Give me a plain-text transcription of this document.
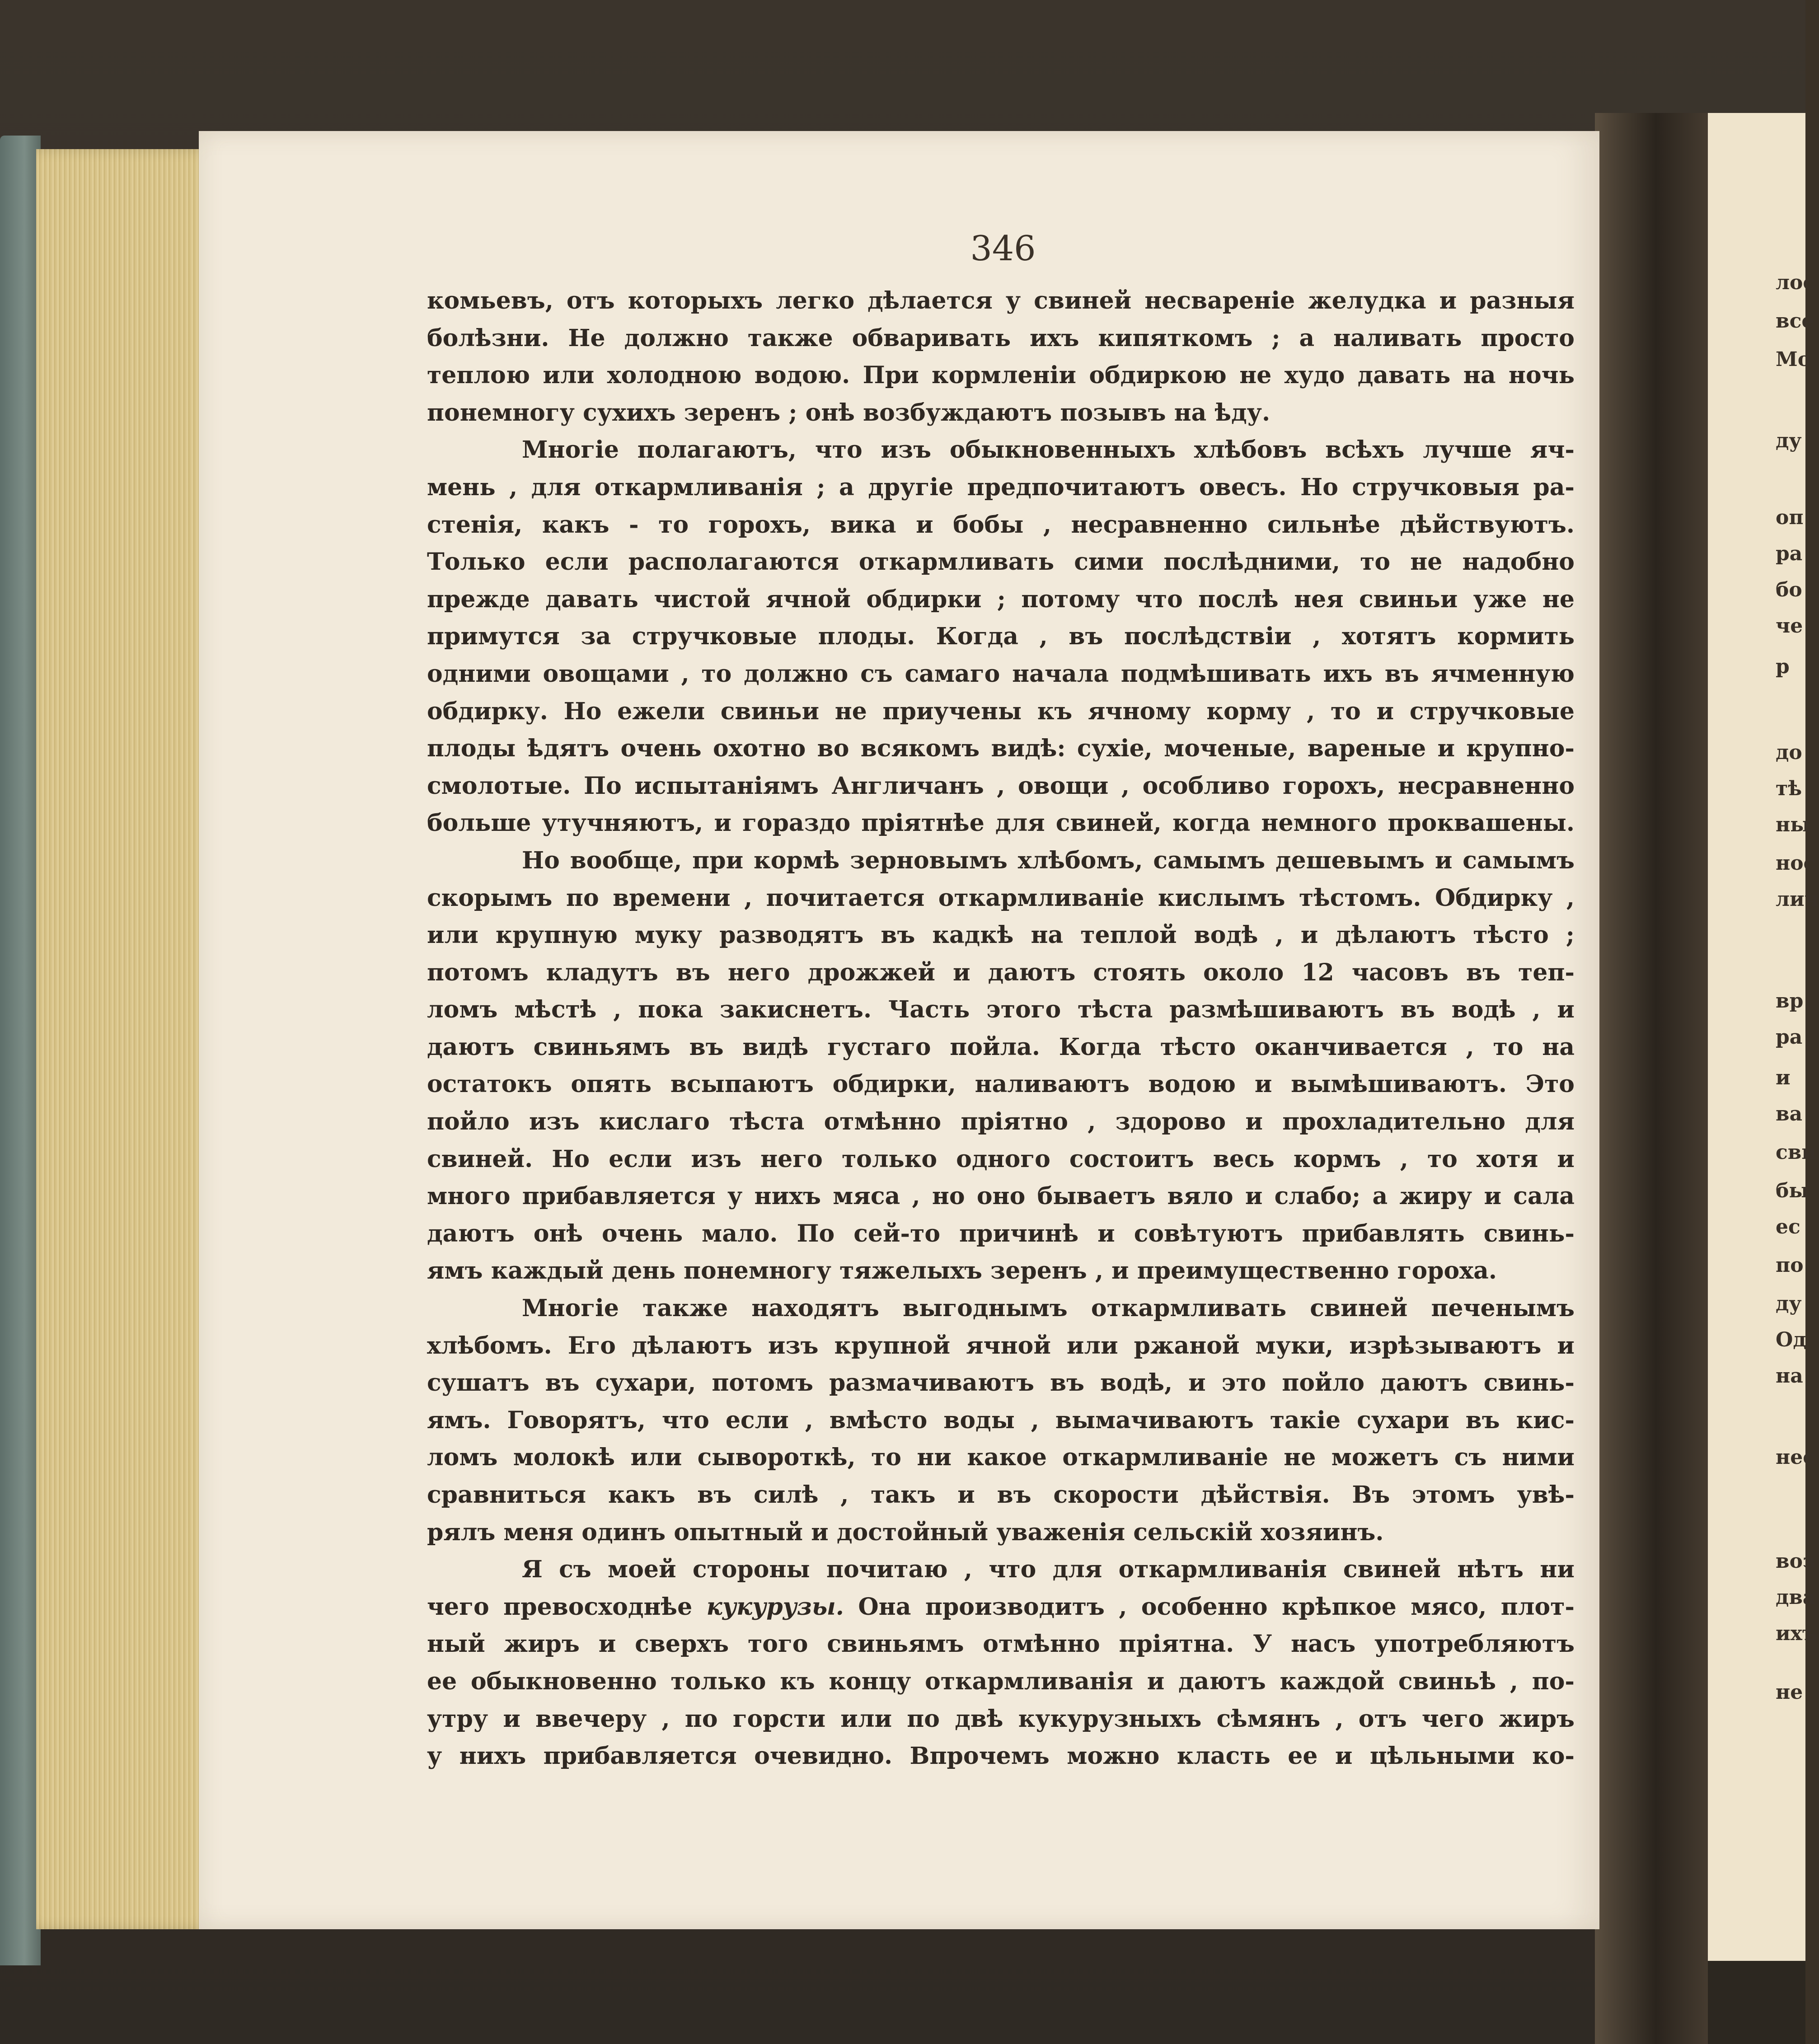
346
комьевъ, отъ которыхъ легко дѣлается у свиней несвареніе желудка и разныя
болѣзни. Не должно также обваривать ихъ кипяткомъ ; а наливать просто
теплою или холодною водою. При кормленіи обдиркою не худо давать на ночь
понемногу сухихъ зеренъ ; онѣ возбуждаютъ позывъ на ѣду.
Многіе полагаютъ, что изъ обыкновенныхъ хлѣбовъ всѣхъ лучше яч-
мень , для откармливанія ; а другіе предпочитаютъ овесъ. Но стручковыя ра-
стенія, какъ - то горохъ, вика и бобы , несравненно сильнѣе дѣйствуютъ.
Только если располагаются откармливать сими послѣдними, то не надобно
прежде давать чистой ячной обдирки ; потому что послѣ нея свиньи уже не
примутся за стручковые плоды. Когда , въ послѣдствіи , хотятъ кормить
одними овощами , то должно съ самаго начала подмѣшивать ихъ въ ячменную
обдирку. Но ежели свиньи не приучены къ ячному корму , то и стручковые
плоды ѣдятъ очень охотно во всякомъ видѣ: сухіе, моченые, вареные и крупно-
смолотые. По испытаніямъ Англичанъ , овощи , особливо горохъ, несравненно
больше утучняютъ, и гораздо пріятнѣе для свиней, когда немного проквашены.
Но вообще, при кормѣ зерновымъ хлѣбомъ, самымъ дешевымъ и самымъ
скорымъ по времени , почитается откармливаніе кислымъ тѣстомъ. Обдирку ,
или крупную муку разводятъ въ кадкѣ на теплой водѣ , и дѣлаютъ тѣсто ;
потомъ кладутъ въ него дрожжей и даютъ стоять около 12 часовъ въ теп-
ломъ мѣстѣ , пока закиснетъ. Часть этого тѣста размѣшиваютъ въ водѣ , и
даютъ свиньямъ въ видѣ густаго пойла. Когда тѣсто оканчивается , то на
остатокъ опять всыпаютъ обдирки, наливаютъ водою и вымѣшиваютъ. Это
пойло изъ кислаго тѣста отмѣнно пріятно , здорово и прохладительно для
свиней. Но если изъ него только одного состоитъ весь кормъ , то хотя и
много прибавляется у нихъ мяса , но оно бываетъ вяло и слабо; а жиру и сала
даютъ онѣ очень мало. По сей-то причинѣ и совѣтуютъ прибавлять свинь-
ямъ каждый день понемногу тяжелыхъ зеренъ , и преимущественно гороха.
Многіе также находятъ выгоднымъ откармливать свиней печенымъ
хлѣбомъ. Его дѣлаютъ изъ крупной ячной или ржаной муки, изрѣзываютъ и
сушатъ въ сухари, потомъ размачиваютъ въ водѣ, и это пойло даютъ свинь-
ямъ. Говорятъ, что если , вмѣсто воды , вымачиваютъ такіе сухари въ кис-
ломъ молокѣ или сывороткѣ, то ни какое откармливаніе не можетъ съ ними
сравниться какъ въ силѣ , такъ и въ скорости дѣйствія. Въ этомъ увѣ-
рялъ меня одинъ опытный и достойный уваженія сельскій хозяинъ.
Я съ моей стороны почитаю , что для откармливанія свиней нѣтъ ни
чего превосходнѣе кукурузы. Она производитъ , особенно крѣпкое мясо, плот-
ный жиръ и сверхъ того свиньямъ отмѣнно пріятна. У насъ употребляютъ
ее обыкновенно только къ концу откармливанія и даютъ каждой свиньѣ , по-
утру и ввечеру , по горсти или по двѣ кукурузныхъ сѣмянъ , отъ чего жиръ
у нихъ прибавляется очевидно. Впрочемъ можно класть ее и цѣльными ко-
лос
все
Мо
ду
оп
ра
бо
че
р
до
тѣ
ны
нос
лич
вр
ра
и
ва
сви
бы
ес
по
ду
Од
на
нес
воз
два
ихъ
не
